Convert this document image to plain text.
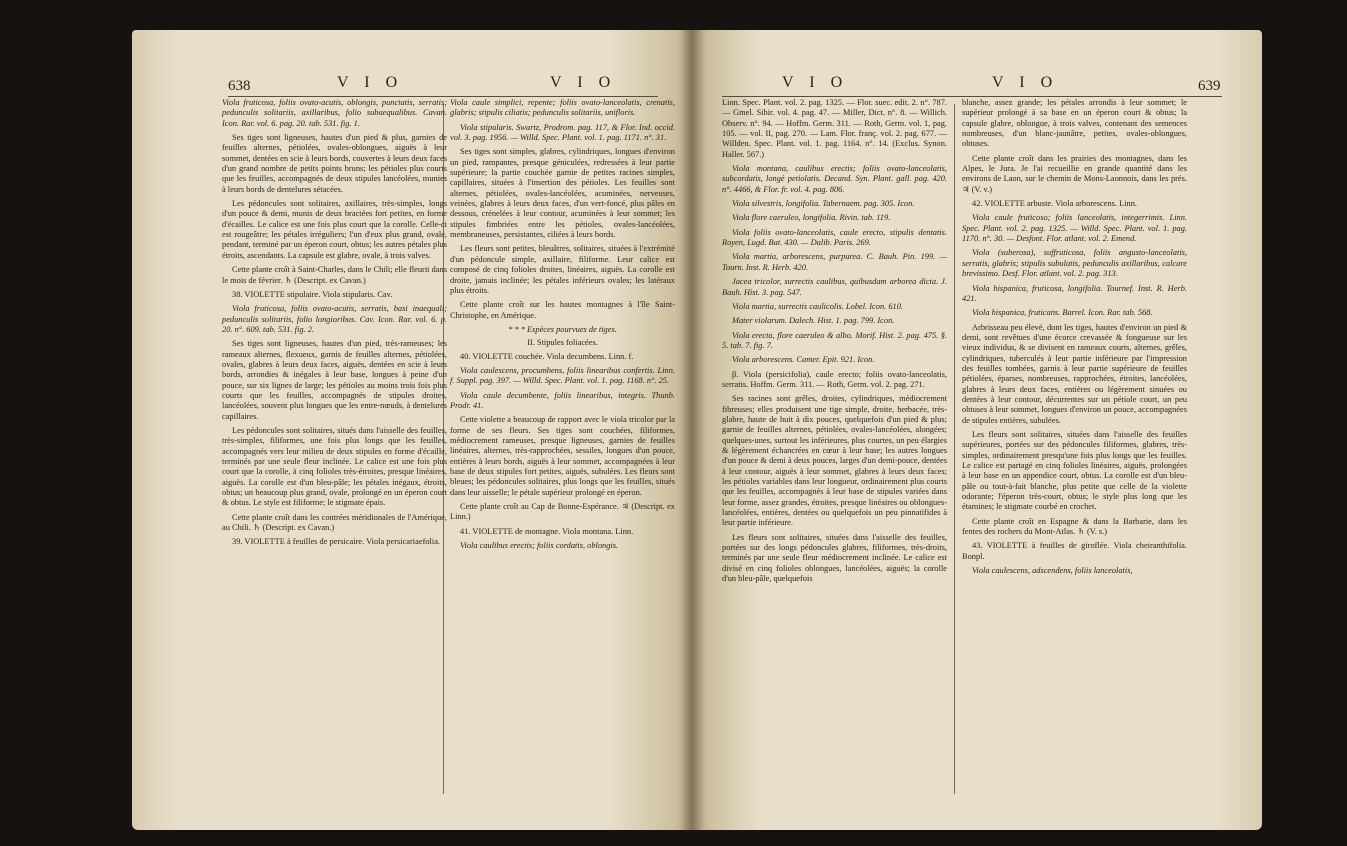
638	V I O	V I O

Viola fruticosa, foliis ovato-acutis, oblongis, punctatis, serratis; pedunculis solitariis, axillaribus, folio subaequalibus. Cavan. Icon. Rar. vol. 6. pag. 20. tab. 531. fig. 1.

Ses tiges sont ligneuses, hautes d'un pied & plus, garnies de feuilles alternes, pétiolées, ovales-oblongues, aiguës à leur sommet, dentées en scie à leurs bords, couvertes à leurs deux faces d'un grand nombre de petits points bruns; les pétioles plus courts que les feuilles, accompagnés de deux stipules lancéolées, munies à leurs bords de dentelures sétacées.

Les pédoncules sont solitaires, axillaires, très-simples, longs d'un pouce & demi, munis de deux bractées fort petites, en forme d'écailles. Le calice est une fois plus court que la corolle. Celle-ci est rougeâtre; les pétales irréguliers; l'un d'eux plus grand, ovale, pendant, terminé par un éperon court, obtus; les autres pétales plus étroits, ascendants. La capsule est glabre, ovale, à trois valves.

Cette plante croît à Saint-Charles, dans le Chili; elle fleurit dans le mois de février. ♄ (Descript. ex Cavan.)

38. VIOLETTE stipulaire. Viola stipularis. Cav.

Viola fruticosa, foliis ovato-acutis, serratis, basi inaequali; pedunculis solitariis, folio longioribus. Cav. Icon. Rar. vol. 6. p. 20. n°. 609. tab. 531. fig. 2.

Ses tiges sont ligneuses, hautes d'un pied, très-rameuses; les rameaux alternes, flexueux, garnis de feuilles alternes, pétiolées, ovales, glabres à leurs deux faces, aiguës, dentées en scie à leurs bords, arrondies & inégales à leur base, longues à peine d'un pouce, sur six lignes de large; les pétioles au moins trois fois plus courts que les feuilles, accompagnés de stipules droites, lancéolées, souvent plus longues que les entre-nœuds, à dentelures capillaires.

Les pédoncules sont solitaires, situés dans l'aisselle des feuilles, très-simples, filiformes, une fois plus longs que les feuilles, accompagnés vers leur milieu de deux stipules en forme d'écaille, terminés par une seule fleur inclinée. Le calice est une fois plus court que la corolle, à cinq folioles très-étroites, presque linéaires, aiguës. La corolle est d'un bleu-pâle; les pétales inégaux, étroits, obtus; un beaucoup plus grand, ovale, prolongé en un éperon court & obtus. Le style est filiforme; le stigmate épais.

Cette plante croît dans les contrées méridionales de l'Amérique, au Chili. ♄ (Descript. ex Cavan.)

39. VIOLETTE à feuilles de persicaire. Viola persicariaefolia.

Viola caule simplici, repente; foliis ovato-lanceolatis, crenatis, glabris; stipulis ciliatis; pedunculis solitariis, unifloris.

Viola stipularis. Swartz, Prodrom. pag. 117, & Flor. Ind. occid. vol. 3. pag. 1956. — Willd. Spec. Plant. vol. 1. pag. 1171. n°. 31.

Ses tiges sont simples, glabres, cylindriques, longues d'environ un pied, rampantes, presque géniculées, redressées à leur partie supérieure; la partie couchée garnie de petites racines simples, capillaires, situées à l'insertion des pétioles. Les feuilles sont alternes, pétiolées, ovales-lancéolées, acuminées, nerveuses, veinées, glabres à leurs deux faces, d'un vert-foncé, plus pâles en dessous, crénelées à leur contour, acuminées à leur sommet; les stipules fimbriées entre les pétioles, ovales-lancéolées, membraneuses, persistantes, ciliées à leurs bords.

Les fleurs sont petites, bleuâtres, solitaires, situées à l'extrémité d'un pédoncule simple, axillaire, filiforme. Leur calice est composé de cinq folioles droites, linéaires, aiguës. La corolle est droite, jamais inclinée; les pétales inférieurs ovales; les latéraux plus étroits.

Cette plante croît sur les hautes montagnes à l'île Saint-Christophe, en Amérique.

* * * Espèces pourvues de tiges.

II. Stipules foliacées.

40. VIOLETTE couchée. Viola decumbens. Linn. f.

Viola caulescens, procumbens, foliis linearibus confertis. Linn. f. Suppl. pag. 397. — Willd. Spec. Plant. vol. 1. pag. 1168. n°. 25.

Viola caule decumbente, foliis linearibus, integris. Thunb. Prodr. 41.

Cette violette a beaucoup de rapport avec le viola tricolor par la forme de ses fleurs. Ses tiges sont couchées, filiformes, médiocrement rameuses, presque ligneuses, garnies de feuilles linéaires, alternes, très-rapprochées, sessiles, longues d'un pouce, entières à leurs bords, aiguës à leur sommet, accompagnées à leur base de deux stipules fort petites, aiguës, subulées. Les fleurs sont bleues; les pédoncules solitaires, plus longs que les feuilles, situés dans leur aisselle; le pétale supérieur prolongé en éperon.

Cette plante croît au Cap de Bonne-Espérance. ♃ (Descript. ex Linn.)

41. VIOLETTE de montagne. Viola montana. Linn.

Viola caulibus erectis; foliis cordatis, oblongis.

V I O	V I O	639

Linn. Spec. Plant. vol. 2. pag. 1325. — Flor. suec. edit. 2. n°. 787. — Gmel. Sibir. vol. 4. pag. 47. — Miller, Dict. n°. 8. — Willich. Observ. n°. 94. — Hoffm. Germ. 311. — Roth, Germ. vol. 1, pag. 105. — vol. II, pag. 270. — Lam. Flor. franç. vol. 2. pag. 677. — Willden. Spec. Plant. vol. 1. pag. 1164. n°. 14. (Exclus. Synon. Haller. 567.)

Viola montana, caulibus erectis; foliis ovato-lanceolatis, subcordatis, longè petiolatis. Decand. Syn. Plant. gall. pag. 420. n°. 4466, & Flor. fr. vol. 4. pag. 806.

Viola silvestris, longifolia. Tabernaem. pag. 305. Icon.

Viola flore caeruleo, longifolia. Rivin. tab. 119.

Viola foliis ovato-lanceolatis, caule erecto, stipulis dentatis. Royen, Lugd. Bat. 430. — Dalib. Paris. 269.

Viola martia, arborescens, purpurea. C. Bauh. Pin. 199. — Tourn. Inst. R. Herb. 420.

Jacea tricolor, surrectis caulibus, quibusdam arborea dicta. J. Bauh. Hist. 3. pag. 547.

Viola martia, surrectis caulicolis. Lobel. Icon. 610.

Mater violarum. Dalech. Hist. 1. pag. 799. Icon.

Viola erecta, flore caeruleo & albo. Morif. Hist. 2. pag. 475. §. 5. tab. 7. fig. 7.

Viola arborescens. Camer. Epit. 921. Icon.

β. Viola (persicifolia), caule erecto; foliis ovato-lanceolatis, serratis. Hoffm. Germ. 311. — Roth, Germ. vol. 2. pag. 271.

Ses racines sont grêles, droites, cylindriques, médiocrement fibreuses; elles produisent une tige simple, droite, herbacée, très-glabre, haute de huit à dix pouces, quelquefois d'un pied & plus; garnie de feuilles alternes, pétiolées, ovales-lancéolées, alongées; quelques-unes, surtout les inférieures, plus courtes, un peu élargies & légèrement échancrées en cœur à leur base; les autres longues d'un pouce & demi à deux pouces, larges d'un demi-pouce, dentées à leur contour, aiguës à leur sommet, glabres à leurs deux faces; les pétioles variables dans leur longueur, ordinairement plus courts que les feuilles, accompagnés à leur base de stipules variées dans leur forme, assez grandes, étroites, presque linéaires ou oblongues-lancéolées, entières, dentées ou quelquefois un peu pinnatifides à leur partie inférieure.

Les fleurs sont solitaires, situées dans l'aisselle des feuilles, portées sur des longs pédoncules glabres, filiformes, très-droits, terminés par une seule fleur médiocrement inclinée. Le calice est divisé en cinq folioles oblongues, lancéolées, aiguës; la corolle d'un bleu-pâle, quelquefois

blanche, assez grande; les pétales arrondis à leur sommet; le supérieur prolongé à sa base en un éperon court & obtus; la capsule glabre, oblongue, à trois valves, contenant des semences nombreuses, d'un blanc-jaunâtre, petites, ovales-oblongues, obtuses.

Cette plante croît dans les prairies des montagnes, dans les Alpes, le Jura. Je l'ai recueillie en grande quantité dans les environs de Laon, sur le chemin de Mons-Laonnois, dans les prés. ♃ (V. v.)

42. VIOLETTE arbuste. Viola arborescens. Linn.

Viola caule fruticoso; foliis lanceolatis, integerrimis. Linn. Spec. Plant. vol. 2. pag. 1325. — Willd. Spec. Plant. vol. 1. pag. 1170. n°. 30. — Desfont. Flor. atlant. vol. 2. Emend.

Viola (suberosa), suffruticosa, foliis angusto-lanceolatis, serratis, glabris; stipulis subulatis, pedunculis axillaribus, calcare brevissimo. Desf. Flor. atlant. vol. 2. pag. 313.

Viola hispanica, fruticosa, longifolia. Tournef. Inst. R. Herb. 421.

Viola hispanica, fruticans. Barrel. Icon. Rar. tab. 568.

Arbrisseau peu élevé, dont les tiges, hautes d'environ un pied & demi, sont revêtues d'une écorce crevassée & fongueuse sur les vieux individus, & se divisent en rameaux courts, alternes, grêles, cylindriques, tuberculés à leur partie inférieure par l'impression des feuilles tombées, garnis à leur partie supérieure de feuilles pétiolées, éparses, nombreuses, rapprochées, étroites, lancéolées, glabres à leurs deux faces, entières ou légèrement sinuées ou dentées à leur contour, décurrentes sur un pétiole court, un peu obtuses à leur sommet, longues d'environ un pouce, accompagnées de stipules entières, subulées.

Les fleurs sont solitaires, situées dans l'aisselle des feuilles supérieures, portées sur des pédoncules filiformes, glabres, très-simples, ordinairement presqu'une fois plus longs que les feuilles. Le calice est partagé en cinq folioles linéaires, aiguës, prolongées à leur base en un appendice court, obtus. La corolle est d'un bleu-pâle ou tout-à-fait blanche, plus petite que celle de la violette odorante; l'éperon très-court, obtus; le style plus long que les étamines; le stigmate courbé en crochet.

Cette plante croît en Espagne & dans la Barbarie, dans les fentes des rochers du Mont-Atlas. ♄ (V. s.)

43. VIOLETTE à feuilles de giroflée. Viola cheiranthifolia. Bonpl.

Viola caulescens, adscendens, foliis lanceolatis,
